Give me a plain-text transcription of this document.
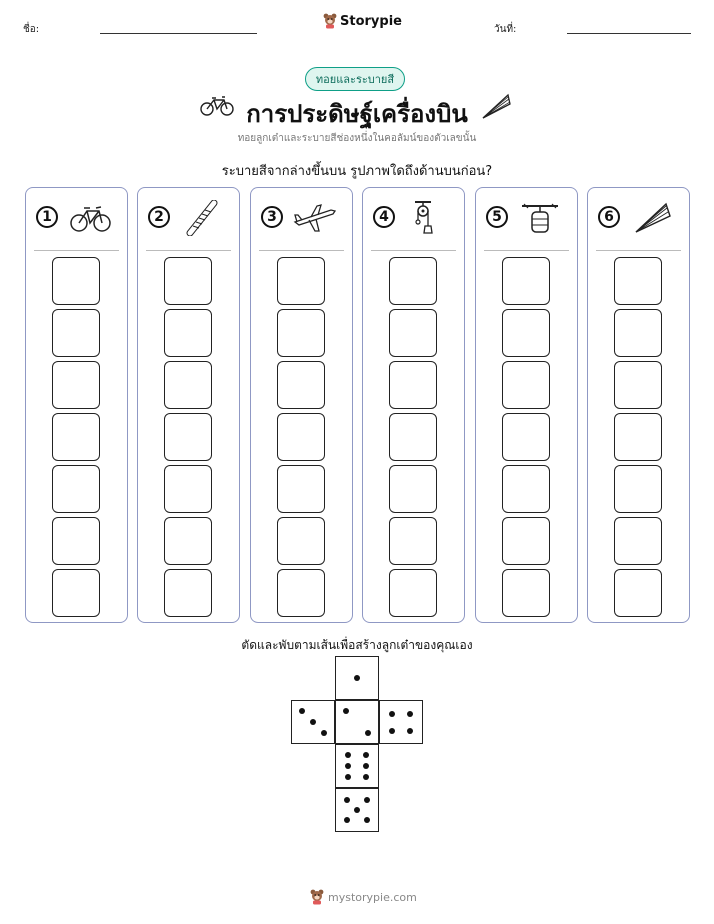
ชื่อ:
Storypie
วันที่:
ทอยและระบายสี
การประดิษฐ์เครื่องบิน
ทอยลูกเต๋าและระบายสีช่องหนึ่งในคอลัมน์ของตัวเลขนั้น
ระบายสีจากล่างขึ้นบน รูปภาพใดถึงด้านบนก่อน?
1	2	3	4	5	6
ตัดและพับตามเส้นเพื่อสร้างลูกเต๋าของคุณเอง
mystorypie.com
